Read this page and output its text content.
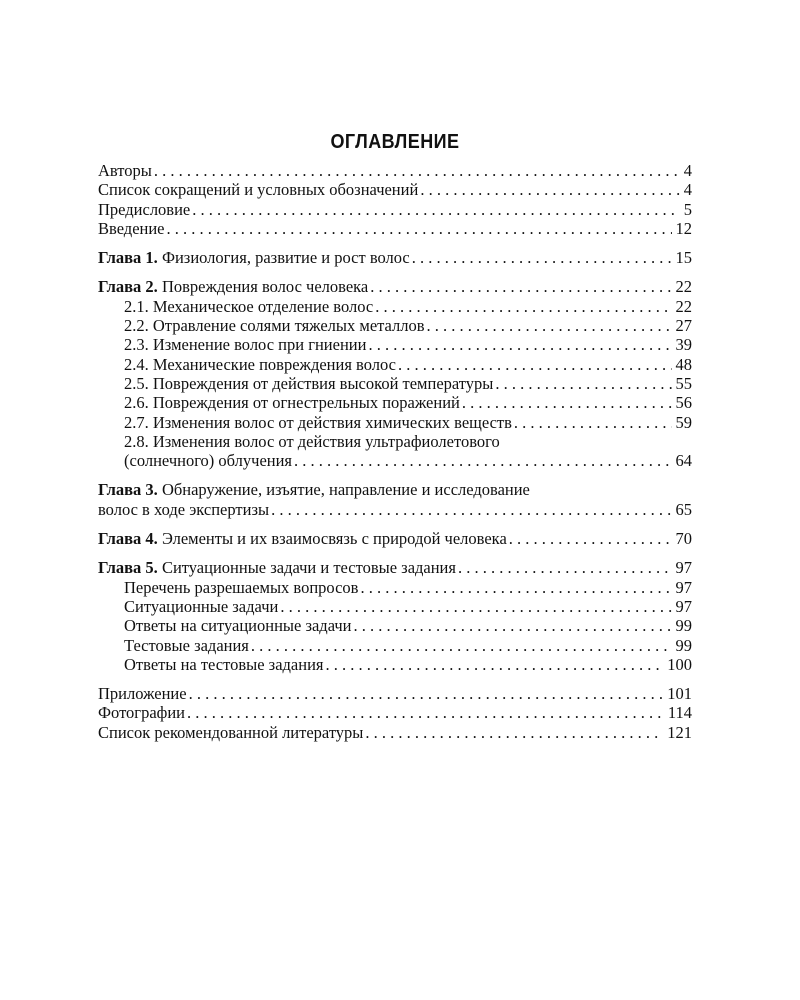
ОГЛАВЛЕНИЕ
Авторы . . .	4
Список сокращений и условных обозначений . . .	4
Предисловие . . .	5
Введение . . .	12
Глава 1. Физиология, развитие и рост волос . . .	15
Глава 2. Повреждения волос человека . . .	22
2.1. Механическое отделение волос . . .	22
2.2. Отравление солями тяжелых металлов . . .	27
2.3. Изменение волос при гниении . . .	39
2.4. Механические повреждения волос . . .	48
2.5. Повреждения от действия высокой температуры . . .	55
2.6. Повреждения от огнестрельных поражений . . .	56
2.7. Изменения волос от действия химических веществ . . .	59
2.8. Изменения волос от действия ультрафиолетового
(солнечного) облучения . . .	64
Глава 3. Обнаружение, изъятие, направление и исследование
волос в ходе экспертизы . . .	65
Глава 4. Элементы и их взаимосвязь с природой человека . . .	70
Глава 5. Ситуационные задачи и тестовые задания . . .	97
Перечень разрешаемых вопросов . . .	97
Ситуационные задачи . . .	97
Ответы на ситуационные задачи . . .	99
Тестовые задания . . .	99
Ответы на тестовые задания . . .	100
Приложение . . .	101
Фотографии . . .	114
Список рекомендованной литературы . . .	121
